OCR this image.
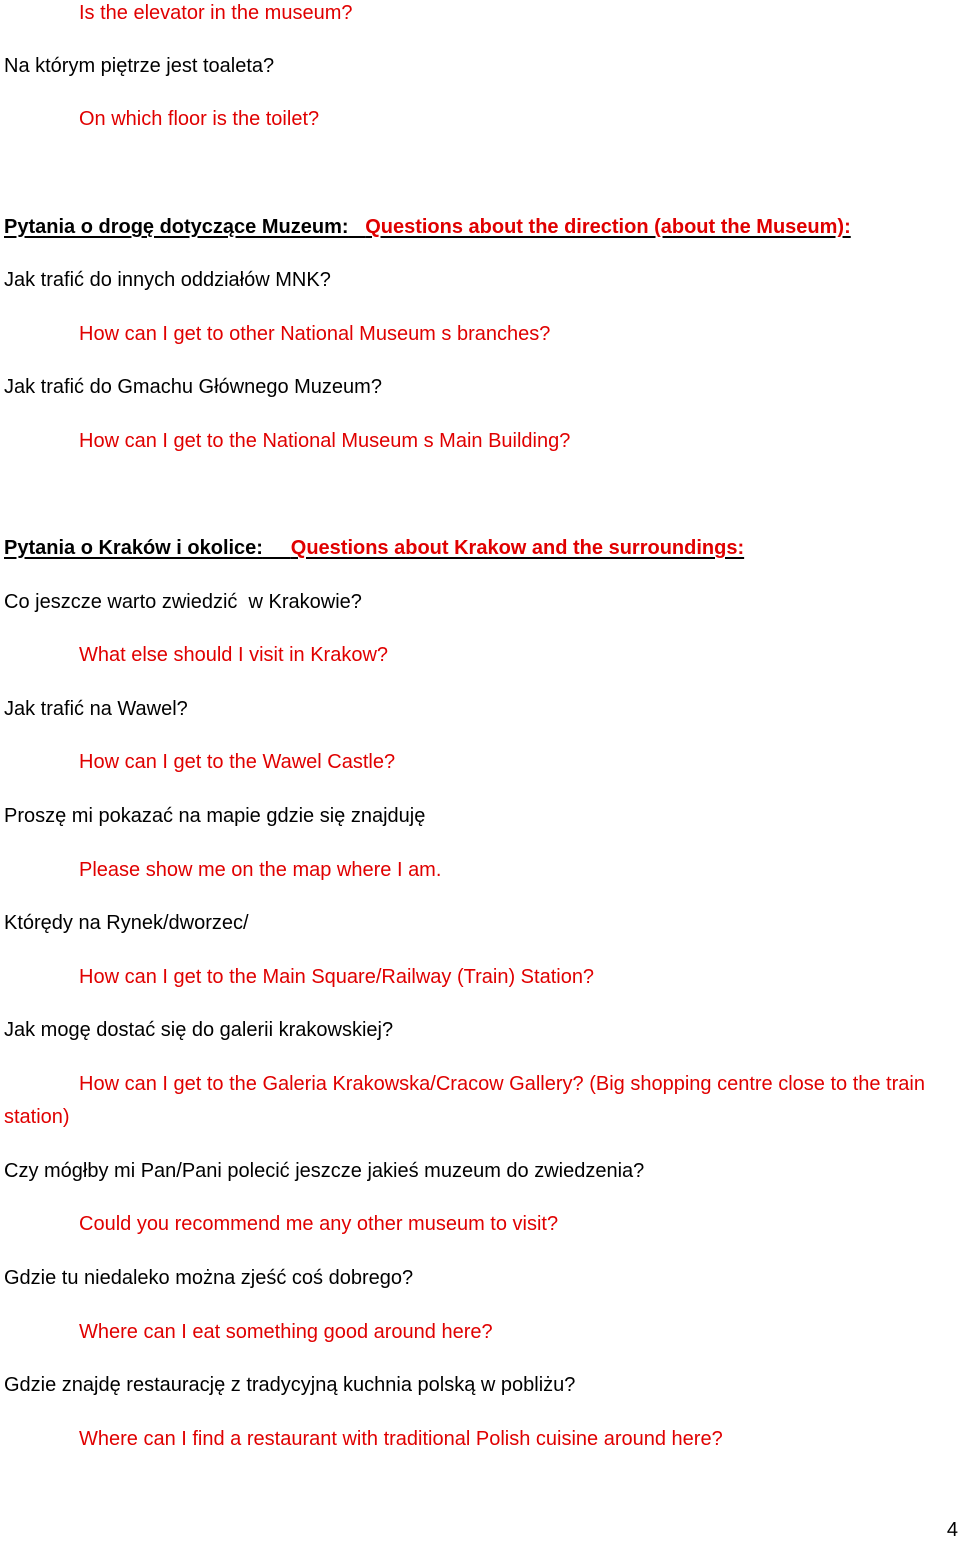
Is the elevator in the museum?
Na którym piętrze jest toaleta?
On which floor is the toilet?
Pytania o drogę dotyczące Muzeum: Questions about the direction (about the Museum):
Jak trafić do innych oddziałów MNK?
How can I get to other National Museum s branches?
Jak trafić do Gmachu Głównego Muzeum?
How can I get to the National Museum s Main Building?
Pytania o Kraków i okolice: Questions about Krakow and the surroundings:
Co jeszcze warto zwiedzić  w Krakowie?
What else should I visit in Krakow?
Jak trafić na Wawel?
How can I get to the Wawel Castle?
Proszę mi pokazać na mapie gdzie się znajduję
Please show me on the map where I am.
Którędy na Rynek/dworzec/
How can I get to the Main Square/Railway (Train) Station?
Jak mogę dostać się do galerii krakowskiej?
How can I get to the Galeria Krakowska/Cracow Gallery? (Big shopping centre close to the train station)
Czy mógłby mi Pan/Pani polecić jeszcze jakieś muzeum do zwiedzenia?
Could you recommend me any other museum to visit?
Gdzie tu niedaleko można zjeść coś dobrego?
Where can I eat something good around here?
Gdzie znajdę restaurację z tradycyjną kuchnia polską w pobliżu?
Where can I find a restaurant with traditional Polish cuisine around here?
4
